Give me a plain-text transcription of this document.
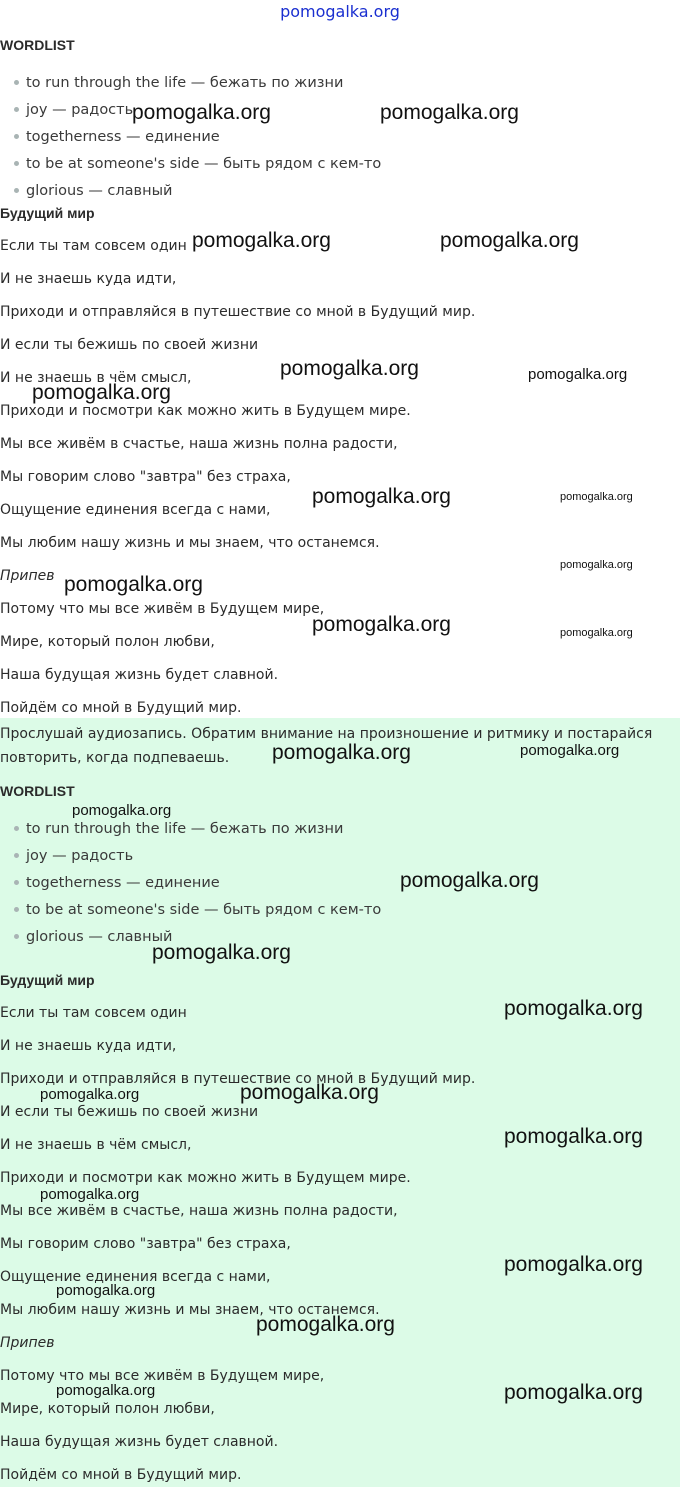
pomogalka.org
WORDLIST
to run through the life — бежать по жизни
joy — радость
togetherness — единение
to be at someone's side — быть рядом с кем-то
glorious — славный
Будущий мир
Если ты там совсем один
И не знаешь куда идти,
Приходи и отправляйся в путешествие со мной в Будущий мир.
И если ты бежишь по своей жизни
И не знаешь в чём смысл,
Приходи и посмотри как можно жить в Будущем мире.
Мы все живём в счастье, наша жизнь полна радости,
Мы говорим слово "завтра" без страха,
Ощущение единения всегда с нами,
Мы любим нашу жизнь и мы знаем, что останемся.
Припев
Потому что мы все живём в Будущем мире,
Мире, который полон любви,
Наша будущая жизнь будет славной.
Пойдём со мной в Будущий мир.
Прослушай аудиозапись. Обратим внимание на произношение и ритмику и постарайся повторить, когда подпеваешь.
WORDLIST
to run through the life — бежать по жизни
joy — радость
togetherness — единение
to be at someone's side — быть рядом с кем-то
glorious — славный
Будущий мир
Если ты там совсем один
И не знаешь куда идти,
Приходи и отправляйся в путешествие со мной в Будущий мир.
И если ты бежишь по своей жизни
И не знаешь в чём смысл,
Приходи и посмотри как можно жить в Будущем мире.
Мы все живём в счастье, наша жизнь полна радости,
Мы говорим слово "завтра" без страха,
Ощущение единения всегда с нами,
Мы любим нашу жизнь и мы знаем, что останемся.
Припев
Потому что мы все живём в Будущем мире,
Мире, который полон любви,
Наша будущая жизнь будет славной.
Пойдём со мной в Будущий мир.
pomogalka.org	pomogalka.org
pomogalka.org	pomogalka.org
pomogalka.org	pomogalka.org
pomogalka.org
pomogalka.org	pomogalka.org
pomogalka.org
pomogalka.org
pomogalka.org	pomogalka.org
pomogalka.org	pomogalka.org
pomogalka.org
pomogalka.org
pomogalka.org
pomogalka.org
pomogalka.org	pomogalka.org
pomogalka.org
pomogalka.org
pomogalka.org
pomogalka.org
pomogalka.org
pomogalka.org	pomogalka.org
